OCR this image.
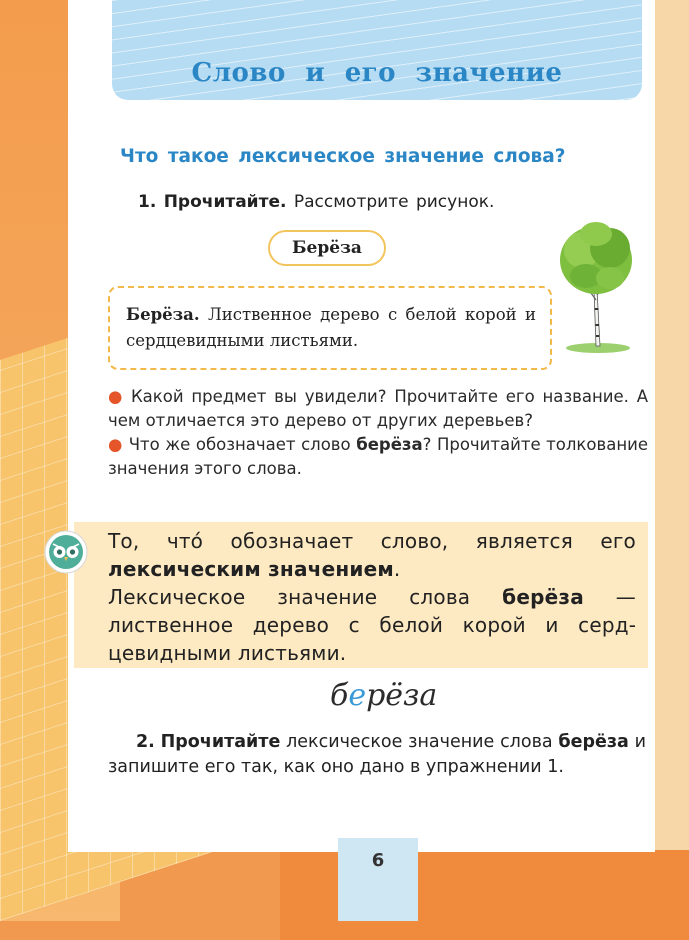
Слово и его значение
Что такое лексическое значение слова?
1. Прочитайте. Рассмотрите рисунок.
Берёза
Берёза. Лиственное дерево с белой корой и сердцевидными листьями.

● Какой предмет вы увидели? Прочитайте его название. А чем отличается это дерево от других деревьев?

● Что же обозначает слово берёза? Прочитайте толкование значения этого слова.

То, что́ обозначает слово, является его лексическим значением.

Лексическое значение слова берёза — лиственное дерево с белой корой и сердцевидными листьями.

берёза
2. Прочитайте лексическое значение слова берёза и запишите его так, как оно дано в упражнении 1.
6
